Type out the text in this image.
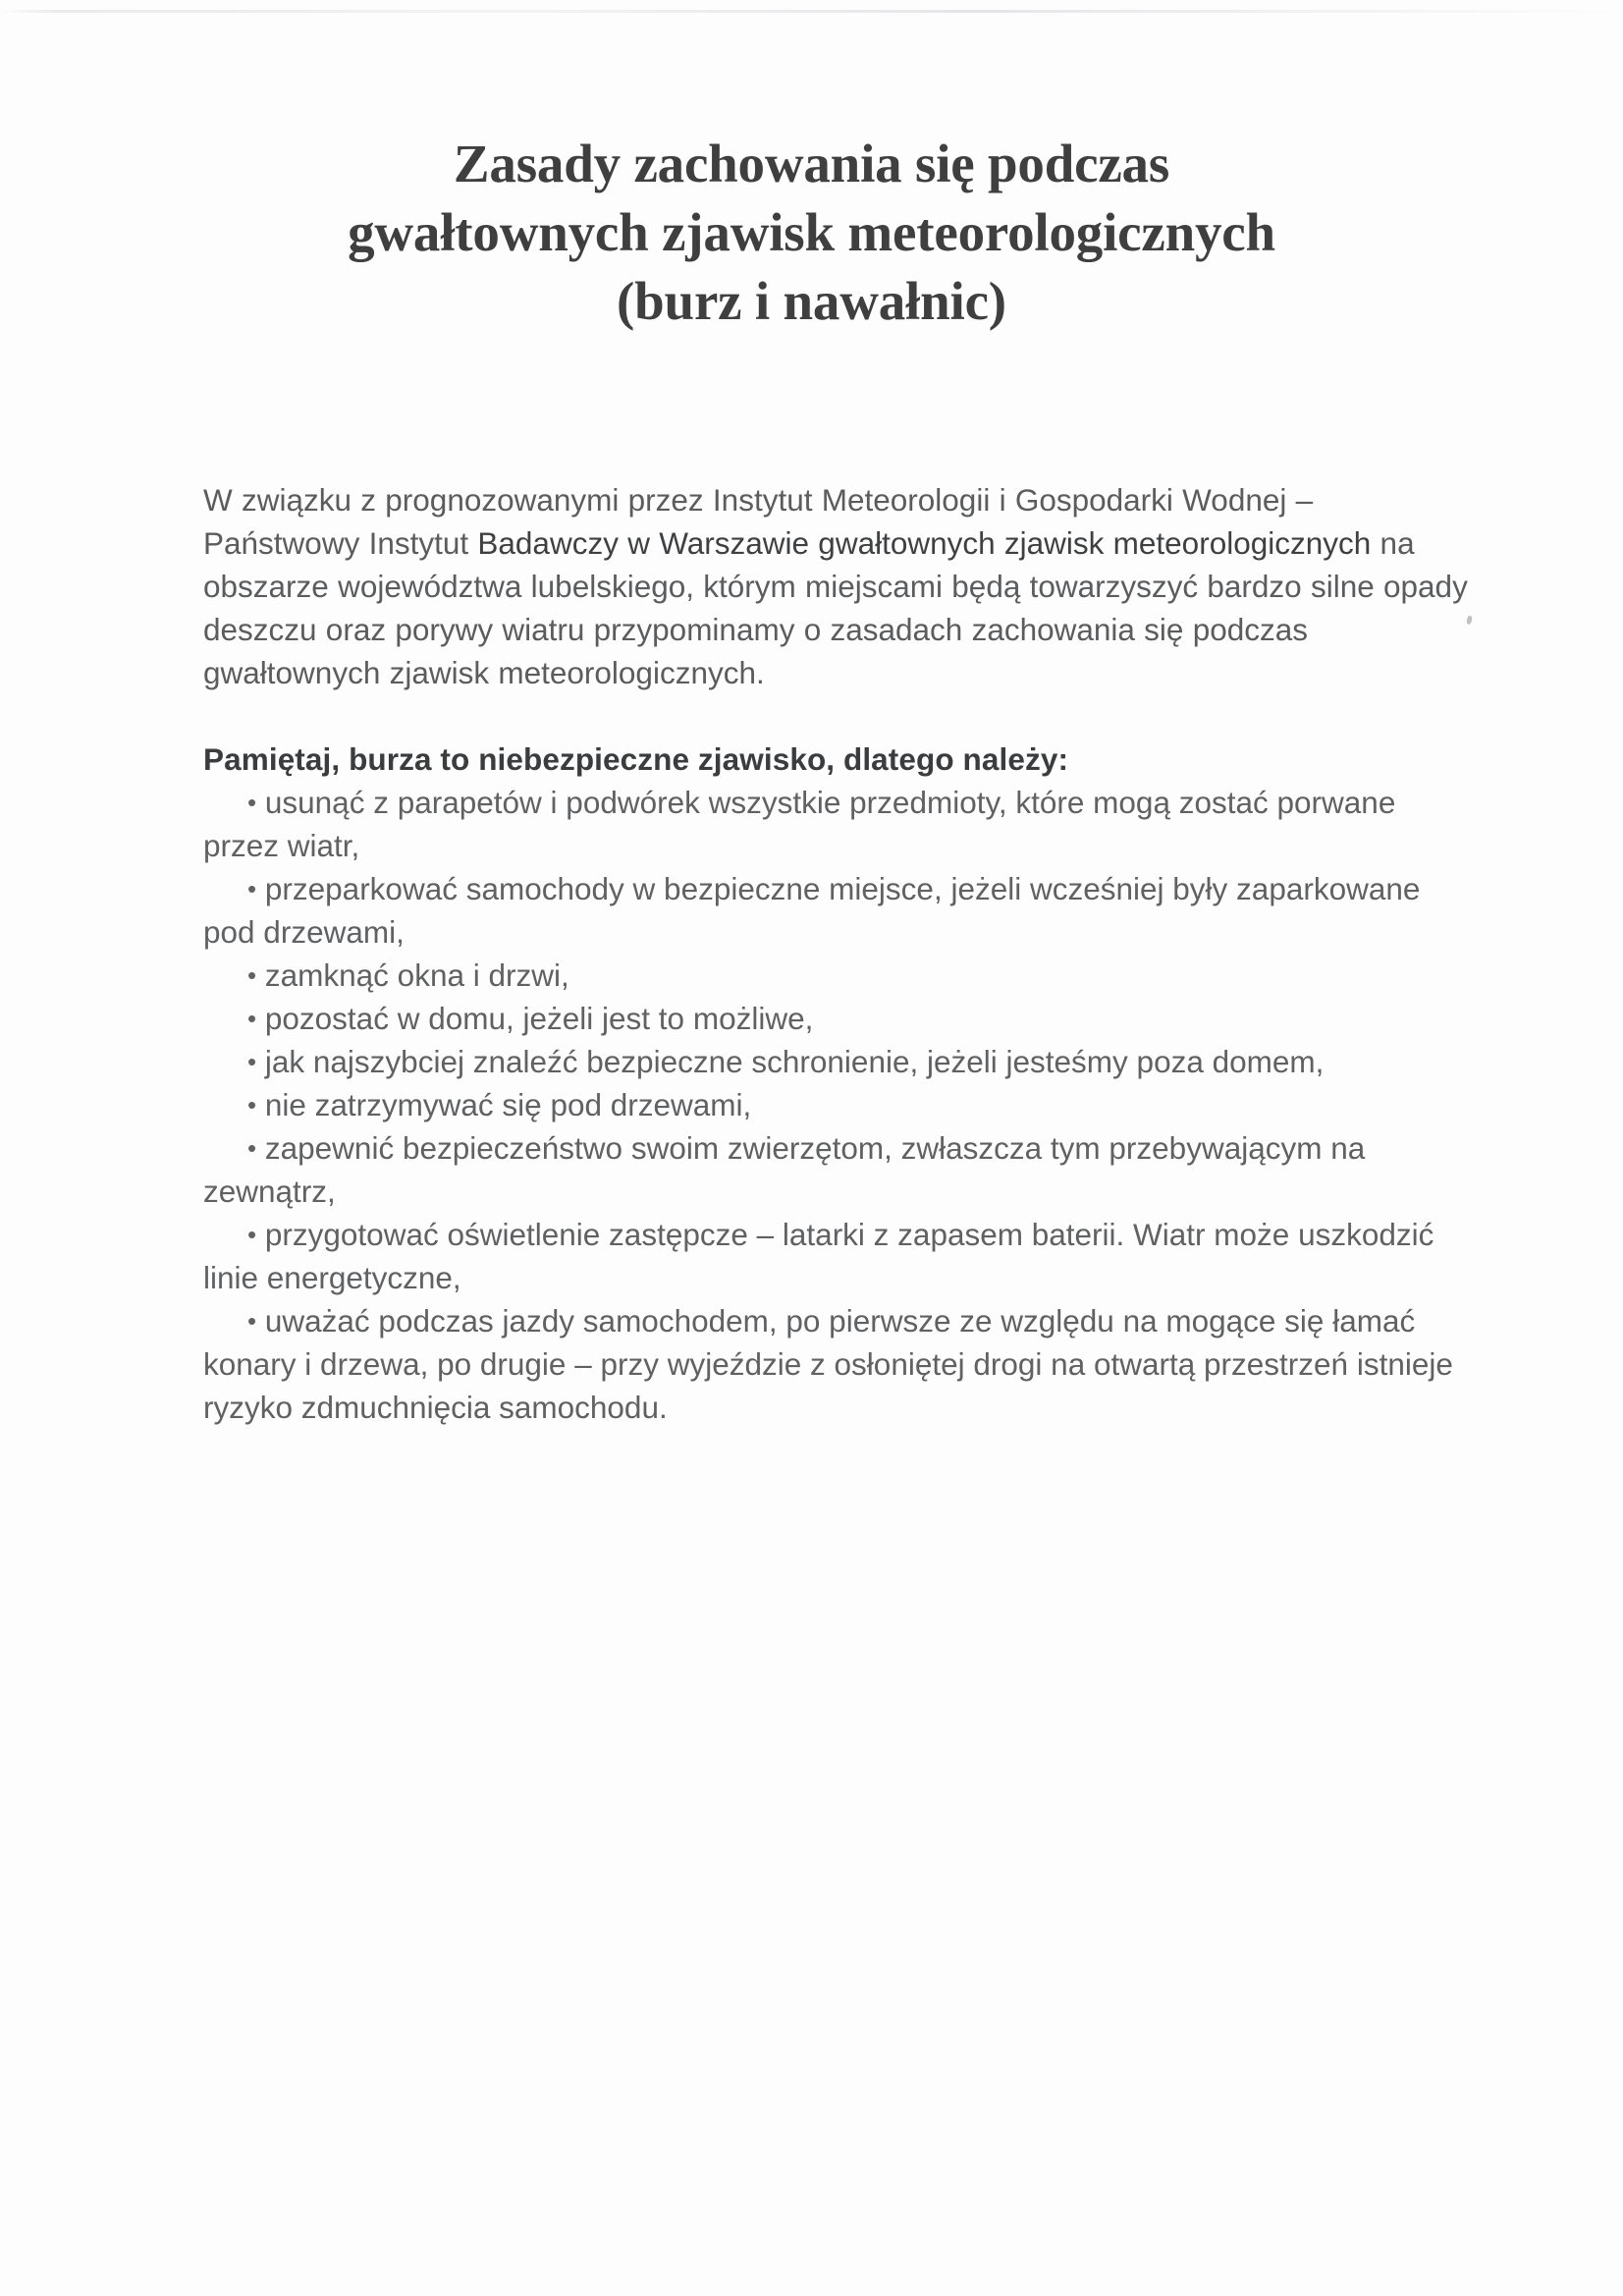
Zasady zachowania się podczas
gwałtownych zjawisk meteorologicznych
(burz i nawałnic)

W związku z prognozowanymi przez Instytut Meteorologii i Gospodarki Wodnej – Państwowy Instytut Badawczy w Warszawie gwałtownych zjawisk meteorologicznych na obszarze województwa lubelskiego, którym miejscami będą towarzyszyć bardzo silne opady deszczu oraz porywy wiatru przypominamy o zasadach zachowania się podczas gwałtownych zjawisk meteorologicznych.

Pamiętaj, burza to niebezpieczne zjawisko, dlatego należy:

• usunąć z parapetów i podwórek wszystkie przedmioty, które mogą zostać porwane przez wiatr,
• przeparkować samochody w bezpieczne miejsce, jeżeli wcześniej były zaparkowane pod drzewami,
• zamknąć okna i drzwi,
• pozostać w domu, jeżeli jest to możliwe,
• jak najszybciej znaleźć bezpieczne schronienie, jeżeli jesteśmy poza domem,
• nie zatrzymywać się pod drzewami,
• zapewnić bezpieczeństwo swoim zwierzętom, zwłaszcza tym przebywającym na zewnątrz,
• przygotować oświetlenie zastępcze – latarki z zapasem baterii. Wiatr może uszkodzić linie energetyczne,
• uważać podczas jazdy samochodem, po pierwsze ze względu na mogące się łamać konary i drzewa, po drugie – przy wyjeździe z osłoniętej drogi na otwartą przestrzeń istnieje ryzyko zdmuchnięcia samochodu.
